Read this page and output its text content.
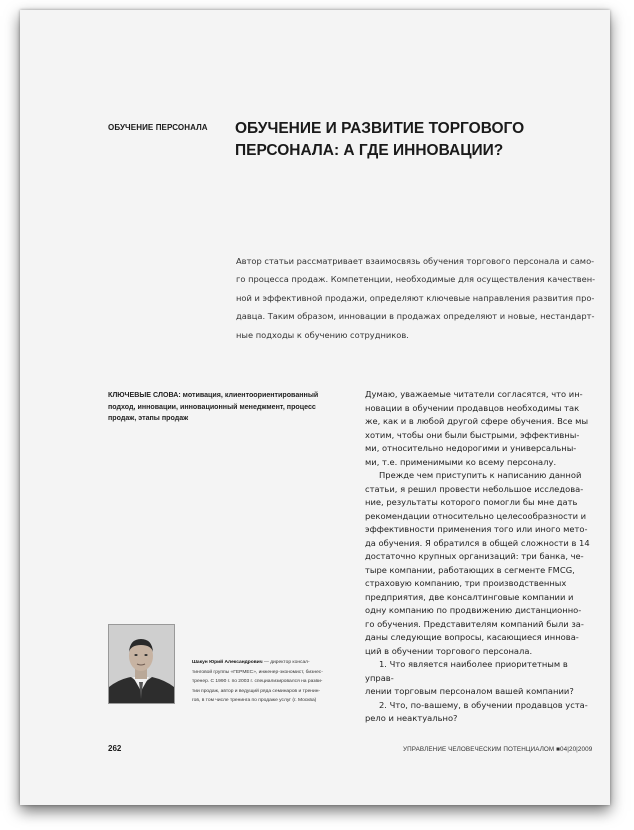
ОБУЧЕНИЕ ПЕРСОНАЛА ОБУЧЕНИЕ И РАЗВИТИЕ ТОРГОВОГО
ПЕРСОНАЛА: А ГДЕ ИННОВАЦИИ?

Автор статьи рассматривает взаимосвязь обучения торгового персонала и само-

го процесса продаж. Компетенции, необходимые для осуществления качествен-

ной и эффективной продажи, определяют ключевые направления развития про-

давца. Таким образом, инновации в продажах определяют и новые, нестандарт-

ные подходы к обучению сотрудников.

КЛЮЧЕВЫЕ СЛОВА: мотивация, клиентоориентированный
подход, инновации, инновационный менеджмент, процесс
продаж, этапы продаж

Думаю, уважаемые читатели согласятся, что ин-

новации в обучении продавцов необходимы так

же, как и в любой другой сфере обучения. Все мы

хотим, чтобы они были быстрыми, эффективны-

ми, относительно недорогими и универсальны-

ми, т.е. применимыми ко всему персоналу.

Прежде чем приступить к написанию данной

статьи, я решил провести небольшое исследова-

ние, результаты которого помогли бы мне дать

рекомендации относительно целесообразности и

эффективности применения того или иного мето-

да обучения. Я обратился в общей сложности в 14

достаточно крупных организаций: три банка, че-

тыре компании, работающих в сегменте FMCG,

страховую компанию, три производственных

предприятия, две консалтинговые компании и

одну компанию по продвижению дистанционно-

го обучения. Представителям компаний были за-

даны следующие вопросы, касающиеся иннова-

ций в обучении торгового персонала.

1. Что является наиболее приоритетным в управ-

лении торговым персоналом вашей компании?

2. Что, по-вашему, в обучении продавцов уста-

рело и неактуально?

Шакун Юрий Александрович — директор консал-
тинговой группы «ГЕРМЕС», инженер-экономист, бизнес-
тренер. С 1990 г. по 2003 г. специализировался на разви-
тии продаж, автор и ведущий ряда семинаров и тренин-
гов, в том числе тренинга по продаже услуг (г. Москва)
262	УПРАВЛЕНИЕ ЧЕЛОВЕЧЕСКИМ ПОТЕНЦИАЛОМ ■04|20|2009
